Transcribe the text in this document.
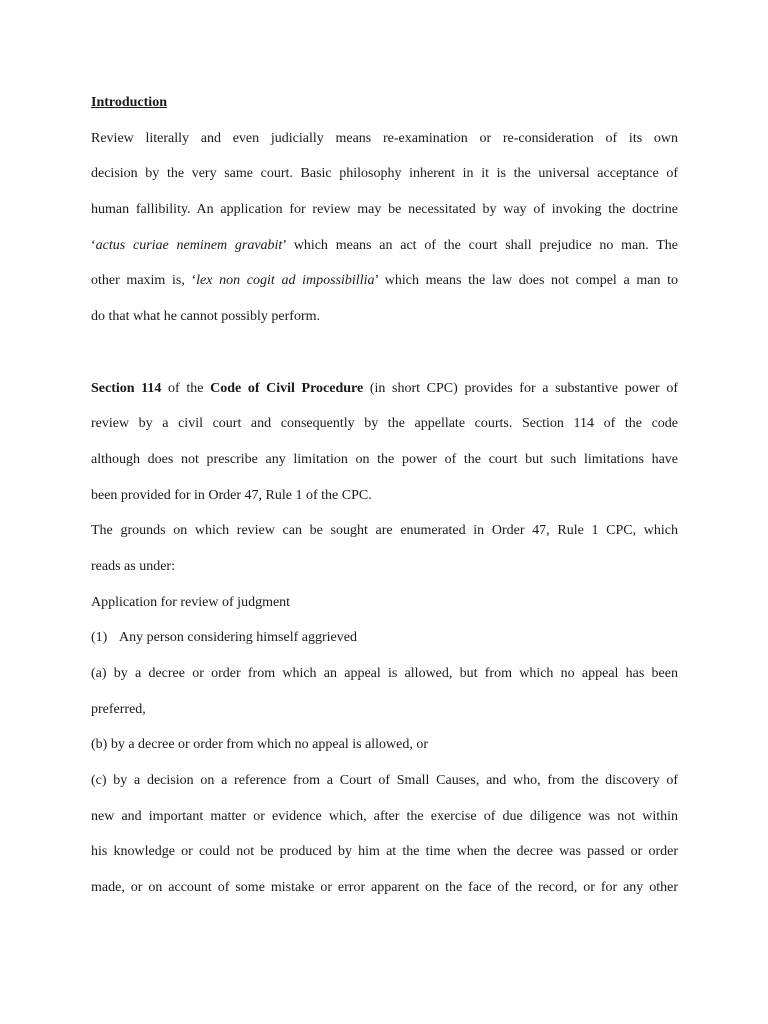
Introduction
Review literally and even judicially means re-examination or re-consideration of its own
decision by the very same court. Basic philosophy inherent in it is the universal acceptance of
human fallibility. An application for review may be necessitated by way of invoking the doctrine
‘actus curiae neminem gravabit’ which means an act of the court shall prejudice no man. The
other maxim is, ‘lex non cogit ad impossibillia’ which means the law does not compel a man to
do that what he cannot possibly perform.
Section 114 of the Code of Civil Procedure (in short CPC) provides for a substantive power of
review by a civil court and consequently by the appellate courts. Section 114 of the code
although does not prescribe any limitation on the power of the court but such limitations have
been provided for in Order 47, Rule 1 of the CPC.
The grounds on which review can be sought are enumerated in Order 47, Rule 1 CPC, which
reads as under:
Application for review of judgment
(1) Any person considering himself aggrieved
(a) by a decree or order from which an appeal is allowed, but from which no appeal has been
preferred,
(b) by a decree or order from which no appeal is allowed, or
(c) by a decision on a reference from a Court of Small Causes, and who, from the discovery of
new and important matter or evidence which, after the exercise of due diligence was not within
his knowledge or could not be produced by him at the time when the decree was passed or order
made, or on account of some mistake or error apparent on the face of the record, or for any other
